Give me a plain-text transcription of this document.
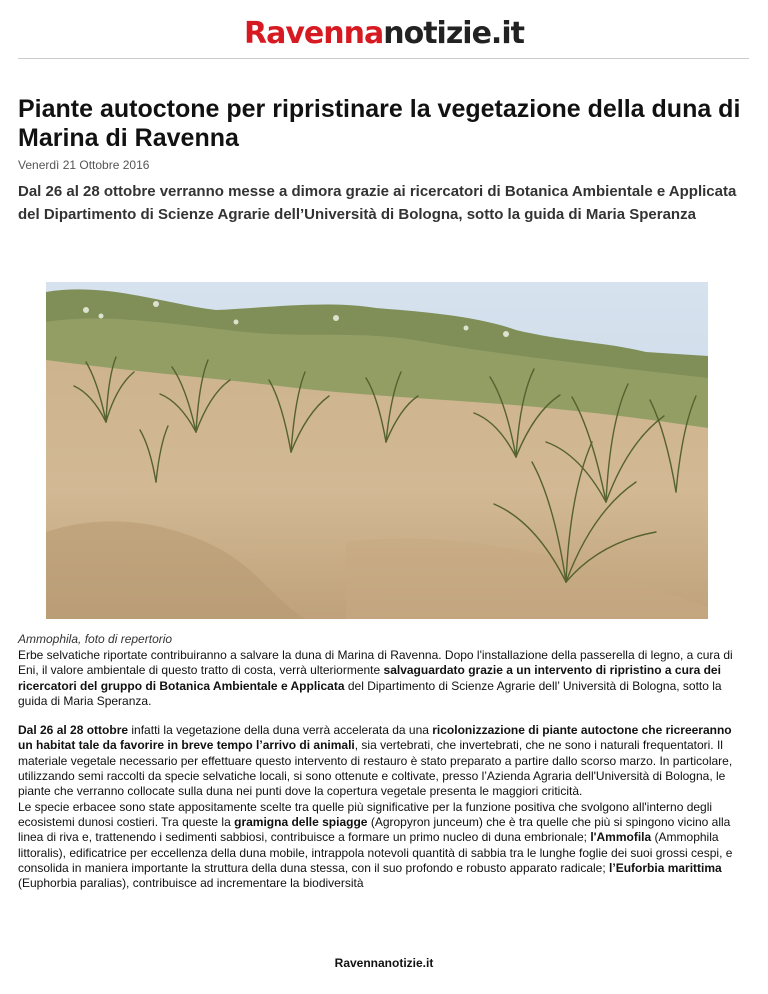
Ravennanotizie.it
Piante autoctone per ripristinare la vegetazione della duna di Marina di Ravenna
Venerdì 21 Ottobre 2016
Dal 26 al 28 ottobre verranno messe a dimora grazie ai ricercatori di Botanica Ambientale e Applicata del Dipartimento di Scienze Agrarie dell’Università di Bologna, sotto la guida di Maria Speranza
Ammophila, foto di repertorio

Erbe selvatiche riportate contribuiranno a salvare la duna di Marina di Ravenna. Dopo l'installazione della passerella di legno, a cura di Eni, il valore ambientale di questo tratto di costa, verrà ulteriormente salvaguardato grazie a un intervento di ripristino a cura dei ricercatori del gruppo di Botanica Ambientale e Applicata del Dipartimento di Scienze Agrarie dell’ Università di Bologna, sotto la guida di Maria Speranza.

Dal 26 al 28 ottobre infatti la vegetazione della duna verrà accelerata da una ricolonizzazione di piante autoctone che ricreeranno un habitat tale da favorire in breve tempo l’arrivo di animali, sia vertebrati, che invertebrati, che ne sono i naturali frequentatori. Il materiale vegetale necessario per effettuare questo intervento di restauro è stato preparato a partire dallo scorso marzo. In particolare, utilizzando semi raccolti da specie selvatiche locali, si sono ottenute e coltivate, presso l’Azienda Agraria dell'Università di Bologna, le piante che verranno collocate sulla duna nei punti dove la copertura vegetale presenta le maggiori criticità.

Le specie erbacee sono state appositamente scelte tra quelle più significative per la funzione positiva che svolgono all'interno degli ecosistemi dunosi costieri. Tra queste la gramigna delle spiagge (Agropyron junceum) che è tra quelle che più si spingono vicino alla linea di riva e, trattenendo i sedimenti sabbiosi, contribuisce a formare un primo nucleo di duna embrionale; l'Ammofila (Ammophila littoralis), edificatrice per eccellenza della duna mobile, intrappola notevoli quantità di sabbia tra le lunghe foglie dei suoi grossi cespi, e consolida in maniera importante la struttura della duna stessa, con il suo profondo e robusto apparato radicale; l’Euforbia marittima (Euphorbia paralias), contribuisce ad incrementare la biodiversità

Ravennanotizie.it
